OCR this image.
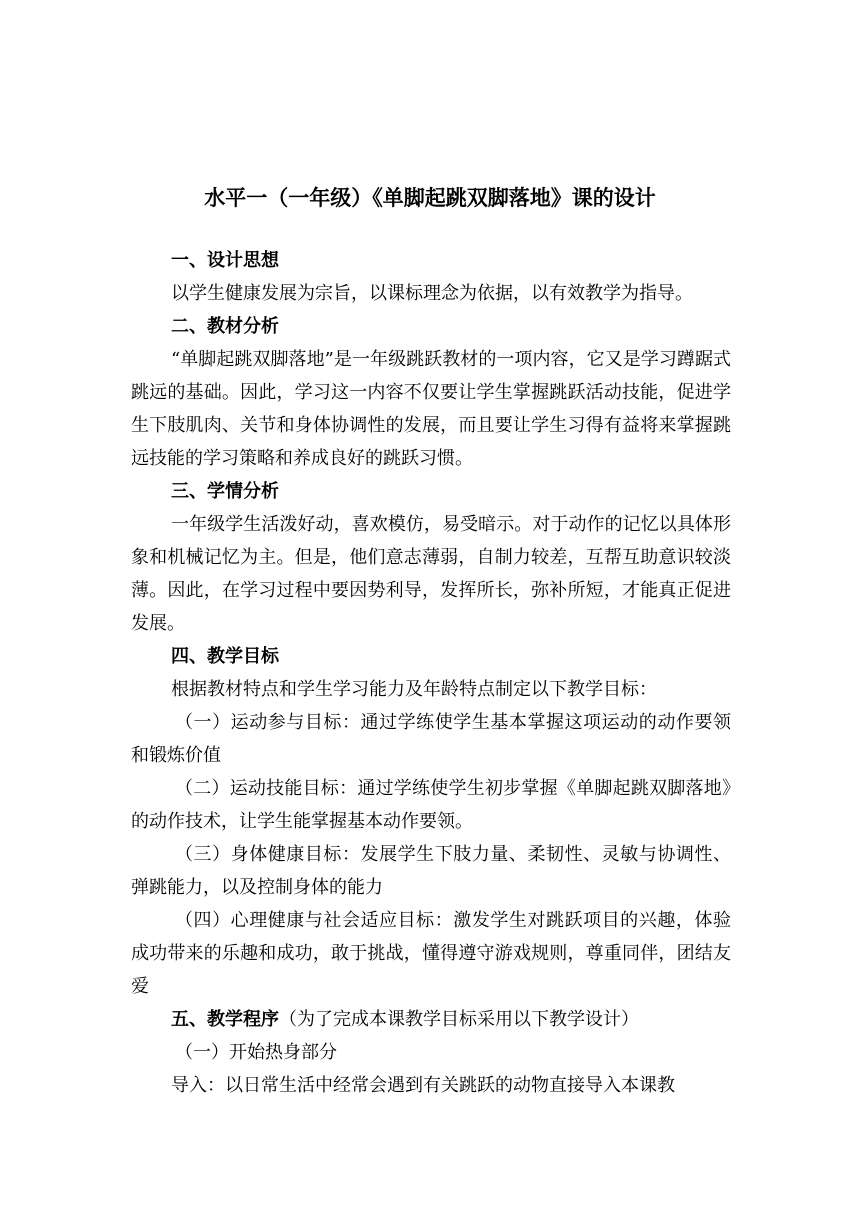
水平一（一年级）《单脚起跳双脚落地》课的设计

一、设计思想

以学生健康发展为宗旨，以课标理念为依据，以有效教学为指导。

二、教材分析

“单脚起跳双脚落地”是一年级跳跃教材的一项内容，它又是学习蹲踞式跳远的基础。因此，学习这一内容不仅要让学生掌握跳跃活动技能，促进学生下肢肌肉、关节和身体协调性的发展，而且要让学生习得有益将来掌握跳远技能的学习策略和养成良好的跳跃习惯。

三、学情分析

一年级学生活泼好动，喜欢模仿，易受暗示。对于动作的记忆以具体形象和机械记忆为主。但是，他们意志薄弱，自制力较差，互帮互助意识较淡薄。因此，在学习过程中要因势利导，发挥所长，弥补所短，才能真正促进发展。

四、教学目标

根据教材特点和学生学习能力及年龄特点制定以下教学目标：

（一）运动参与目标：通过学练使学生基本掌握这项运动的动作要领和锻炼价值

（二）运动技能目标：通过学练使学生初步掌握《单脚起跳双脚落地》的动作技术，让学生能掌握基本动作要领。

（三）身体健康目标：发展学生下肢力量、柔韧性、灵敏与协调性、弹跳能力，以及控制身体的能力

（四）心理健康与社会适应目标：激发学生对跳跃项目的兴趣，体验成功带来的乐趣和成功，敢于挑战，懂得遵守游戏规则，尊重同伴，团结友爱

五、教学程序（为了完成本课教学目标采用以下教学设计）

（一）开始热身部分

导入：以日常生活中经常会遇到有关跳跃的动物直接导入本课教
